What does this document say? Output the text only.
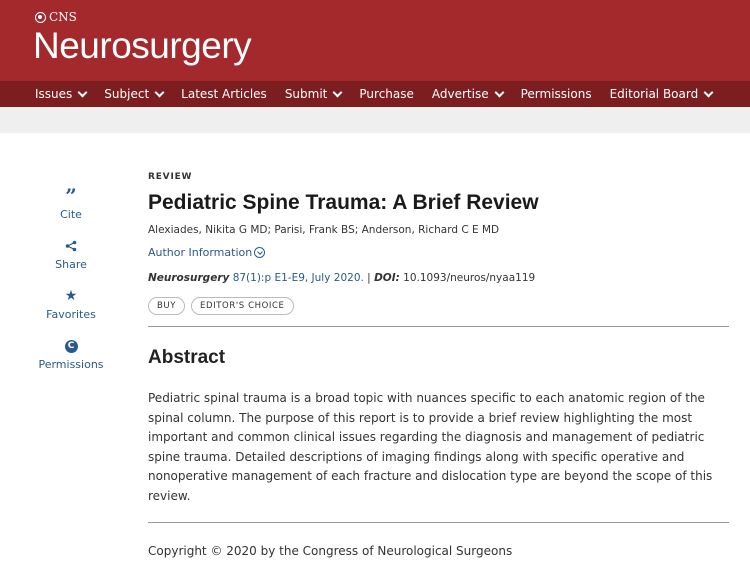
CNS
Neurosurgery
Issues	Subject	Latest Articles Submit	Purchase Advertise	Permissions Editorial Board
”
Cite
Share
★
Favorites
C
Permissions
REVIEW
Pediatric Spine Trauma: A Brief Review
Alexiades, Nikita G MD; Parisi, Frank BS; Anderson, Richard C E MD
Author Information
Neurosurgery 87(1):p E1-E9, July 2020. | DOI: 10.1093/neuros/nyaa119
BUY	EDITOR'S CHOICE
Abstract

Pediatric spinal trauma is a broad topic with nuances specific to each anatomic region of the spinal column. The purpose of this report is to provide a brief review highlighting the most important and common clinical issues regarding the diagnosis and management of pediatric spine trauma. Detailed descriptions of imaging findings along with specific operative and nonoperative management of each fracture and dislocation type are beyond the scope of this review.

Copyright © 2020 by the Congress of Neurological Surgeons
